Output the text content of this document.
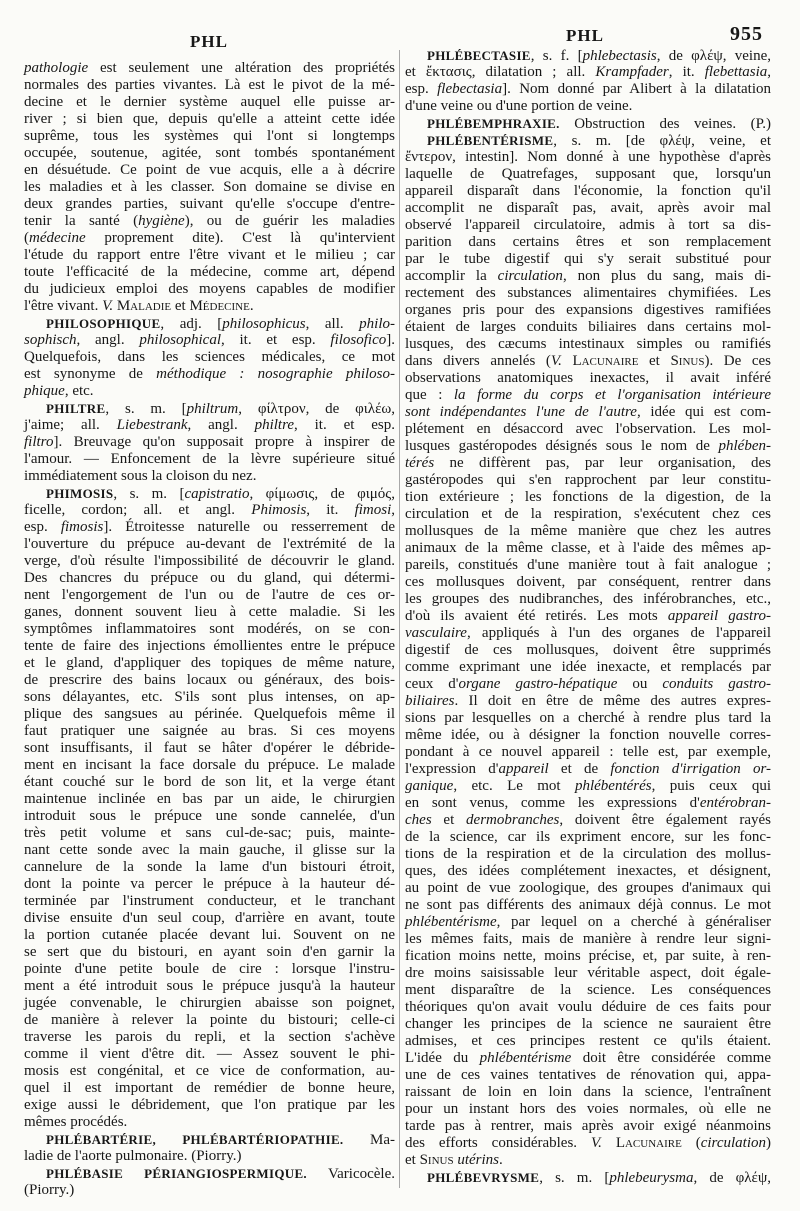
PHL	PHL	955
pathologie est seulement une altération des propriétés
normales des parties vivantes. Là est le pivot de la mé-
decine et le dernier système auquel elle puisse ar-
river ; si bien que, depuis qu'elle a atteint cette idée
suprême, tous les systèmes qui l'ont si longtemps
occupée, soutenue, agitée, sont tombés spontanément
en désuétude. Ce point de vue acquis, elle a à décrire
les maladies et à les classer. Son domaine se divise en
deux grandes parties, suivant qu'elle s'occupe d'entre-
tenir la santé (hygiène), ou de guérir les maladies
(médecine proprement dite). C'est là qu'intervient
l'étude du rapport entre l'être vivant et le milieu ; car
toute l'efficacité de la médecine, comme art, dépend
du judicieux emploi des moyens capables de modifier
l'être vivant. V. Maladie et Médecine.
PHILOSOPHIQUE, adj. [philosophicus, all. philo-
sophisch, angl. philosophical, it. et esp. filosofico].
Quelquefois, dans les sciences médicales, ce mot
est synonyme de méthodique : nosographie philoso-
phique, etc.
PHILTRE, s. m. [philtrum, φίλτρον, de φιλέω,
j'aime; all. Liebestrank, angl. philtre, it. et esp.
filtro]. Breuvage qu'on supposait propre à inspirer de
l'amour. — Enfoncement de la lèvre supérieure situé
immédiatement sous la cloison du nez.
PHIMOSIS, s. m. [capistratio, φίμωσις, de φιμός,
ficelle, cordon; all. et angl. Phimosis, it. fimosi,
esp. fimosis]. Étroitesse naturelle ou resserrement de
l'ouverture du prépuce au-devant de l'extrémité de la
verge, d'où résulte l'impossibilité de découvrir le gland.
Des chancres du prépuce ou du gland, qui détermi-
nent l'engorgement de l'un ou de l'autre de ces or-
ganes, donnent souvent lieu à cette maladie. Si les
symptômes inflammatoires sont modérés, on se con-
tente de faire des injections émollientes entre le prépuce
et le gland, d'appliquer des topiques de même nature,
de prescrire des bains locaux ou généraux, des bois-
sons délayantes, etc. S'ils sont plus intenses, on ap-
plique des sangsues au périnée. Quelquefois même il
faut pratiquer une saignée au bras. Si ces moyens
sont insuffisants, il faut se hâter d'opérer le débride-
ment en incisant la face dorsale du prépuce. Le malade
étant couché sur le bord de son lit, et la verge étant
maintenue inclinée en bas par un aide, le chirurgien
introduit sous le prépuce une sonde cannelée, d'un
très petit volume et sans cul-de-sac; puis, mainte-
nant cette sonde avec la main gauche, il glisse sur la
cannelure de la sonde la lame d'un bistouri étroit,
dont la pointe va percer le prépuce à la hauteur dé-
terminée par l'instrument conducteur, et le tranchant
divise ensuite d'un seul coup, d'arrière en avant, toute
la portion cutanée placée devant lui. Souvent on ne
se sert que du bistouri, en ayant soin d'en garnir la
pointe d'une petite boule de cire : lorsque l'instru-
ment a été introduit sous le prépuce jusqu'à la hauteur
jugée convenable, le chirurgien abaisse son poignet,
de manière à relever la pointe du bistouri; celle-ci
traverse les parois du repli, et la section s'achève
comme il vient d'être dit. — Assez souvent le phi-
mosis est congénital, et ce vice de conformation, au-
quel il est important de remédier de bonne heure,
exige aussi le débridement, que l'on pratique par les
mêmes procédés.
PHLÉBARTÉRIE, PHLÉBARTÉRIOPATHIE. Ma-
ladie de l'aorte pulmonaire. (Piorry.)
PHLÉBASIE PÉRIANGIOSPERMIQUE. Varicocèle.
(Piorry.)
PHLÉBECTASIE, s. f. [phlebectasis, de φλέψ, veine,
et ἔκτασις, dilatation ; all. Krampfader, it. flebettasia,
esp. flebectasia]. Nom donné par Alibert à la dilatation
d'une veine ou d'une portion de veine.
PHLÉBEMPHRAXIE. Obstruction des veines. (P.)
PHLÉBENTÉRISME, s. m. [de φλέψ, veine, et
ἔντερον, intestin]. Nom donné à une hypothèse d'après
laquelle de Quatrefages, supposant que, lorsqu'un
appareil disparaît dans l'économie, la fonction qu'il
accomplit ne disparaît pas, avait, après avoir mal
observé l'appareil circulatoire, admis à tort sa dis-
parition dans certains êtres et son remplacement
par le tube digestif qui s'y serait substitué pour
accomplir la circulation, non plus du sang, mais di-
rectement des substances alimentaires chymifiées. Les
organes pris pour des expansions digestives ramifiées
étaient de larges conduits biliaires dans certains mol-
lusques, des cæcums intestinaux simples ou ramifiés
dans divers annelés (V. Lacunaire et Sinus). De ces
observations anatomiques inexactes, il avait inféré
que : la forme du corps et l'organisation intérieure
sont indépendantes l'une de l'autre, idée qui est com-
plétement en désaccord avec l'observation. Les mol-
lusques gastéropodes désignés sous le nom de phlében-
térés ne diffèrent pas, par leur organisation, des
gastéropodes qui s'en rapprochent par leur constitu-
tion extérieure ; les fonctions de la digestion, de la
circulation et de la respiration, s'exécutent chez ces
mollusques de la même manière que chez les autres
animaux de la même classe, et à l'aide des mêmes ap-
pareils, constitués d'une manière tout à fait analogue ;
ces mollusques doivent, par conséquent, rentrer dans
les groupes des nudibranches, des inférobranches, etc.,
d'où ils avaient été retirés. Les mots appareil gastro-
vasculaire, appliqués à l'un des organes de l'appareil
digestif de ces mollusques, doivent être supprimés
comme exprimant une idée inexacte, et remplacés par
ceux d'organe gastro-hépatique ou conduits gastro-
biliaires. Il doit en être de même des autres expres-
sions par lesquelles on a cherché à rendre plus tard la
même idée, ou à désigner la fonction nouvelle corres-
pondant à ce nouvel appareil : telle est, par exemple,
l'expression d'appareil et de fonction d'irrigation or-
ganique, etc. Le mot phlébentérés, puis ceux qui
en sont venus, comme les expressions d'entérobran-
ches et dermobranches, doivent être également rayés
de la science, car ils expriment encore, sur les fonc-
tions de la respiration et de la circulation des mollus-
ques, des idées complétement inexactes, et désignent,
au point de vue zoologique, des groupes d'animaux qui
ne sont pas différents des animaux déjà connus. Le mot
phlébentérisme, par lequel on a cherché à généraliser
les mêmes faits, mais de manière à rendre leur signi-
fication moins nette, moins précise, et, par suite, à ren-
dre moins saisissable leur véritable aspect, doit égale-
ment disparaître de la science. Les conséquences
théoriques qu'on avait voulu déduire de ces faits pour
changer les principes de la science ne sauraient être
admises, et ces principes restent ce qu'ils étaient.
L'idée du phlébentérisme doit être considérée comme
une de ces vaines tentatives de rénovation qui, appa-
raissant de loin en loin dans la science, l'entraînent
pour un instant hors des voies normales, où elle ne
tarde pas à rentrer, mais après avoir exigé néanmoins
des efforts considérables. V. Lacunaire (circulation)
et Sinus utérins.
PHLÉBEVRYSME, s. m. [phlebeurysma, de φλέψ,
